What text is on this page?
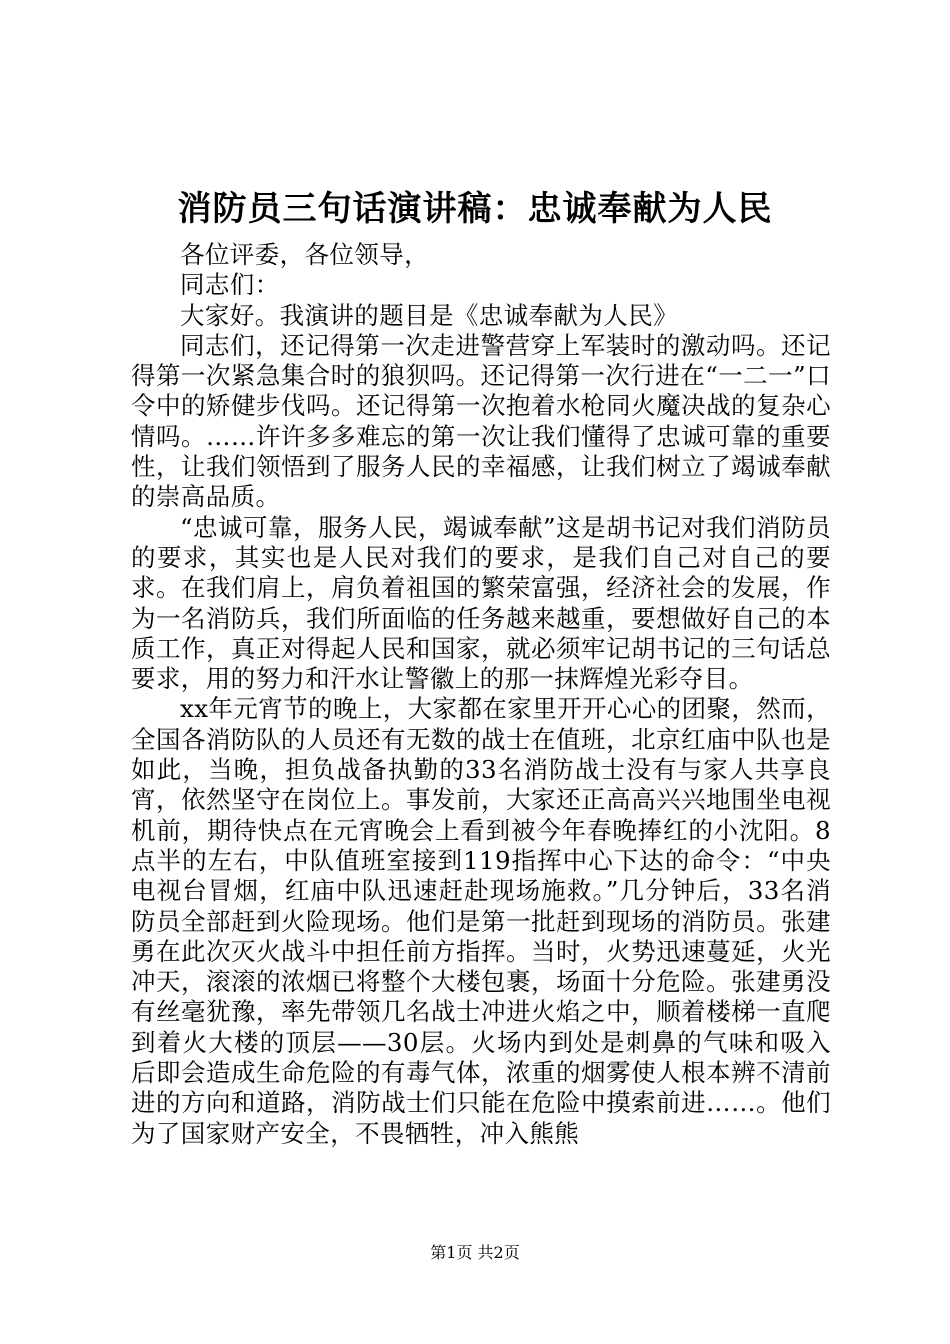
消防员三句话演讲稿：忠诚奉献为人民

各位评委，各位领导，

同志们：

大家好。我演讲的题目是《忠诚奉献为人民》

同志们，还记得第一次走进警营穿上军装时的激动吗。还记得第一次紧急集合时的狼狈吗。还记得第一次行进在“一二一”口令中的矫健步伐吗。还记得第一次抱着水枪同火魔决战的复杂心情吗。……许许多多难忘的第一次让我们懂得了忠诚可靠的重要性，让我们领悟到了服务人民的幸福感，让我们树立了竭诚奉献的崇高品质。

“忠诚可靠，服务人民，竭诚奉献”这是胡书记对我们消防员的要求，其实也是人民对我们的要求，是我们自己对自己的要求。在我们肩上，肩负着祖国的繁荣富强，经济社会的发展，作为一名消防兵，我们所面临的任务越来越重，要想做好自己的本质工作，真正对得起人民和国家，就必须牢记胡书记的三句话总要求，用的努力和汗水让警徽上的那一抹辉煌光彩夺目。

xx年元宵节的晚上，大家都在家里开开心心的团聚，然而，全国各消防队的人员还有无数的战士在值班，北京红庙中队也是如此，当晚，担负战备执勤的33名消防战士没有与家人共享良宵，依然坚守在岗位上。事发前，大家还正高高兴兴地围坐电视机前，期待快点在元宵晚会上看到被今年春晚捧红的小沈阳。8点半的左右，中队值班室接到119指挥中心下达的命令：“中央电视台冒烟，红庙中队迅速赶赴现场施救。”几分钟后，33名消防员全部赶到火险现场。他们是第一批赶到现场的消防员。张建勇在此次灭火战斗中担任前方指挥。当时，火势迅速蔓延，火光冲天，滚滚的浓烟已将整个大楼包裹，场面十分危险。张建勇没有丝毫犹豫，率先带领几名战士冲进火焰之中，顺着楼梯一直爬到着火大楼的顶层——30层。火场内到处是刺鼻的气味和吸入后即会造成生命危险的有毒气体，浓重的烟雾使人根本辨不清前进的方向和道路，消防战士们只能在危险中摸索前进……。他们为了国家财产安全，不畏牺牲，冲入熊熊

第1页 共2页
